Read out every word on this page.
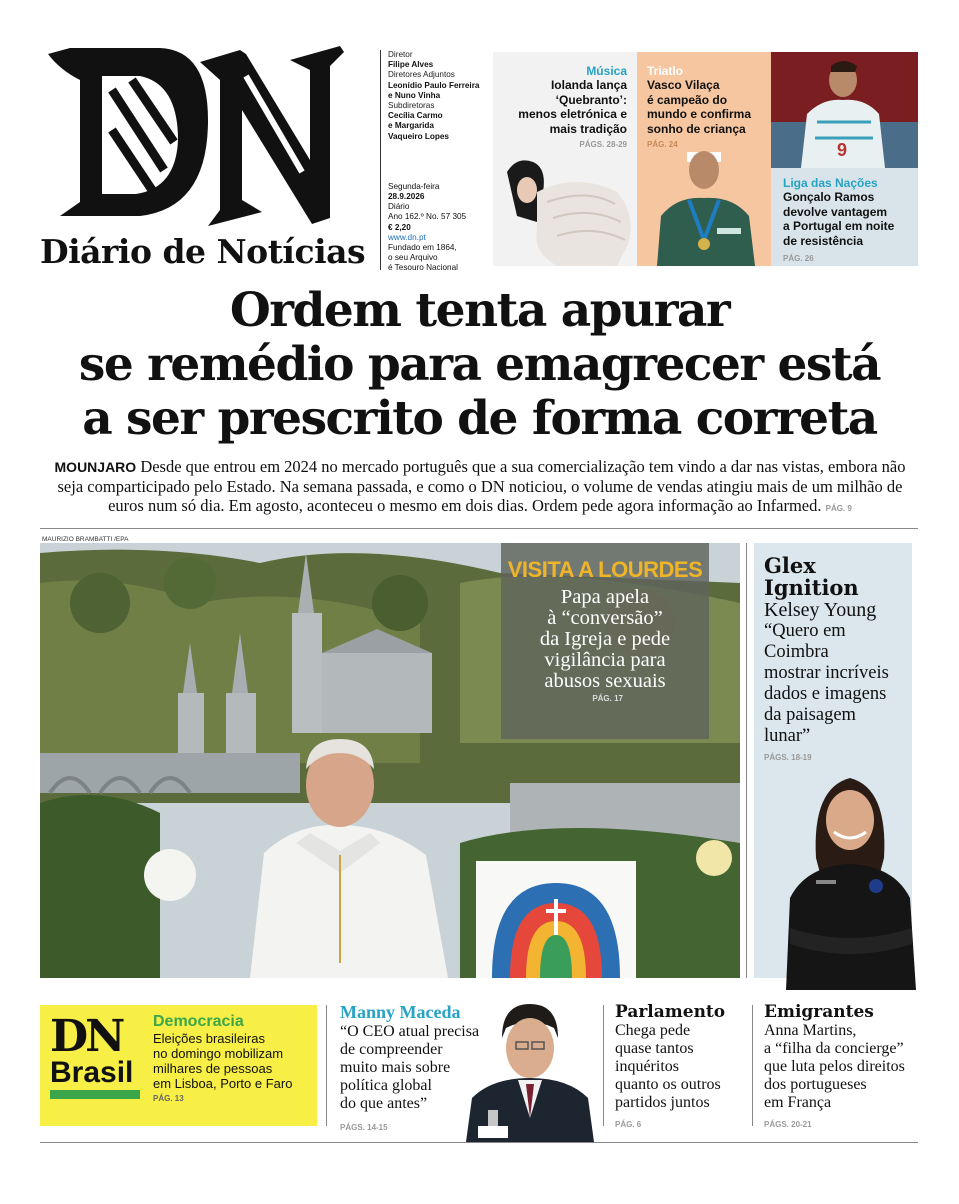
Diário de Notícias
Diretor
Filipe Alves
Diretores Adjuntos
Leonídio Paulo Ferreira
e Nuno Vinha
Subdiretoras
Cecília Carmo
e Margarida
Vaqueiro Lopes
Segunda-feira
28.9.2026
Diário
Ano 162.º No. 57 305
€ 2,20
www.dn.pt
Fundado em 1864,
o seu Arquivo
é Tesouro Nacional
Música
Iolanda lança
‘Quebranto’:
menos eletrónica e
mais tradição
PÁGS. 28-29
Triatlo
Vasco Vilaça
é campeão do
mundo e confirma
sonho de criança
PÁG. 24	9
Liga das Nações
Gonçalo Ramos
devolve vantagem
a Portugal em noite
de resistência
PÁG. 26
Ordem tenta apurar
se remédio para emagrecer está
a ser prescrito de forma correta
MOUNJARO Desde que entrou em 2024 no mercado português que a sua comercialização tem vindo a dar nas vistas, embora não seja comparticipado pelo Estado. Na semana passada, e como o DN noticiou, o volume de vendas atingiu mais de um milhão de euros num só dia. Em agosto, aconteceu o mesmo em dois dias. Ordem pede agora informação ao Infarmed. PÁG. 9
MAURIZIO BRAMBATTI /EPA
VISITA A LOURDES
Papa apela
à “conversão”
da Igreja e pede
vigilância para
abusos sexuais
PÁG. 17
Glex
Ignition
Kelsey Young
“Quero em
Coimbra
mostrar incríveis
dados e imagens
da paisagem
lunar”
PÁGS. 18-19
DN
Brasil
Democracia
Eleições brasileiras
no domingo mobilizam
milhares de pessoas
em Lisboa, Porto e Faro
PÁG. 13
Manny Maceda
“O CEO atual precisa
de compreender
muito mais sobre
política global
do que antes”
PÁGS. 14-15
Parlamento
Chega pede
quase tantos
inquéritos
quanto os outros
partidos juntos
PÁG. 6
Emigrantes
Anna Martins,
a “filha da concierge”
que luta pelos direitos
dos portugueses
em França
PÁGS. 20-21
